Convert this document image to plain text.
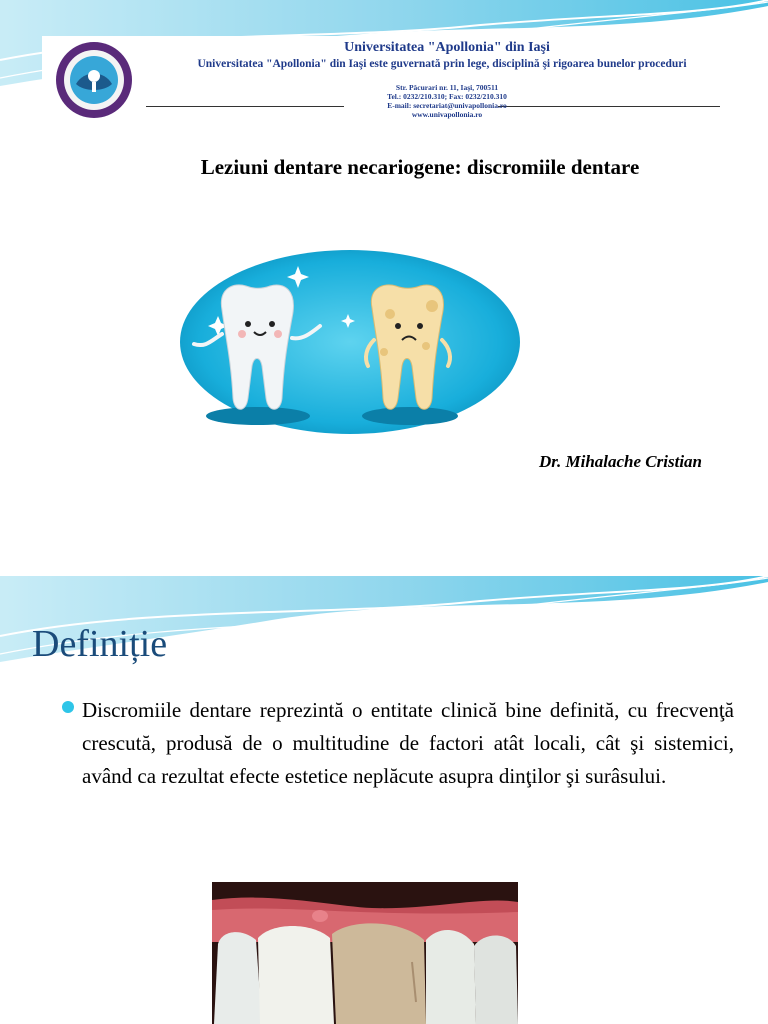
Universitatea "Apollonia" din Iaşi
Universitatea "Apollonia" din Iaşi este guvernată prin lege, disciplină şi rigoarea bunelor proceduri
Str. Păcurari nr. 11, Iaşi, 700511
Tel.: 0232/210.310; Fax: 0232/210.310
E-mail: secretariat@univapollonia.ro
www.univapollonia.ro
Leziuni dentare necariogene: discromiile dentare
Dr. Mihalache Cristian
Definiție
Discromiile dentare reprezintă o entitate clinică bine definită, cu frecvenţă crescută, produsă de o multitudine de factori atât locali, cât şi sistemici, având ca rezultat efecte estetice neplăcute asupra dinţilor şi surâsului.
